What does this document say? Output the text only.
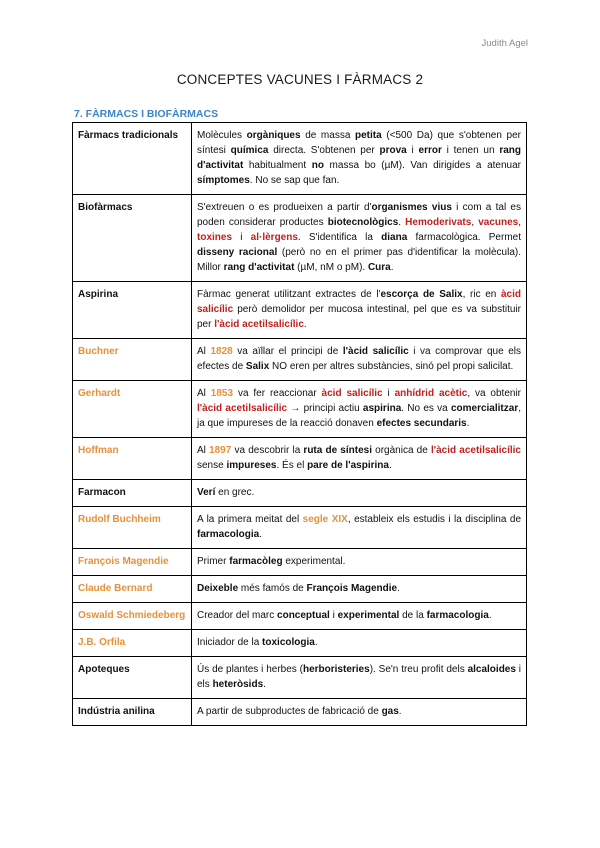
Judith Agel
CONCEPTES VACUNES I FÀRMACS 2
7. FÀRMACS I BIOFÀRMACS
Fàrmacs tradicionals	Molècules orgàniques de massa petita (<500 Da) que s'obtenen per síntesi química directa. S'obtenen per prova i error i tenen un rang d'activitat habitualment no massa bo (µM). Van dirigides a atenuar símptomes. No se sap que fan.
Biofàrmacs	S'extreuen o es produeixen a partir d'organismes vius i com a tal es poden considerar productes biotecnològics. Hemoderivats, vacunes, toxines i al·lèrgens. S'identifica la diana farmacològica. Permet disseny racional (però no en el primer pas d'identificar la molècula). Millor rang d'activitat (µM, nM o pM). Cura.
Aspirina	Fàrmac generat utilitzant extractes de l'escorça de Salix, ric en àcid salicílic però demolidor per mucosa intestinal, pel que es va substituir per l'àcid acetilsalicílic.
Buchner	Al 1828 va aïllar el principi de l'àcid salicílic i va comprovar que els efectes de Salix NO eren per altres substàncies, sinó pel propi salicilat.
Gerhardt	Al 1853 va fer reaccionar àcid salicílic i anhídrid acètic, va obtenir l'àcid acetilsalicílic → principi actiu aspirina. No es va comercialitzar, ja que impureses de la reacció donaven efectes secundaris.
Hoffman	Al 1897 va descobrir la ruta de síntesi orgànica de l'àcid acetilsalicílic sense impureses. És el pare de l'aspirina.
Farmacon	Verí en grec.
Rudolf Buchheim	A la primera meitat del segle XIX, estableix els estudis i la disciplina de farmacologia.
François Magendie	Primer farmacòleg experimental.
Claude Bernard	Deixeble més famós de François Magendie.
Oswald Schmiedeberg	Creador del marc conceptual i experimental de la farmacologia.
J.B. Orfila	Iniciador de la toxicologia.
Apoteques	Ús de plantes i herbes (herboristeries). Se'n treu profit dels alcaloides i els heteròsids.
Indústria anilina	A partir de subproductes de fabricació de gas.
